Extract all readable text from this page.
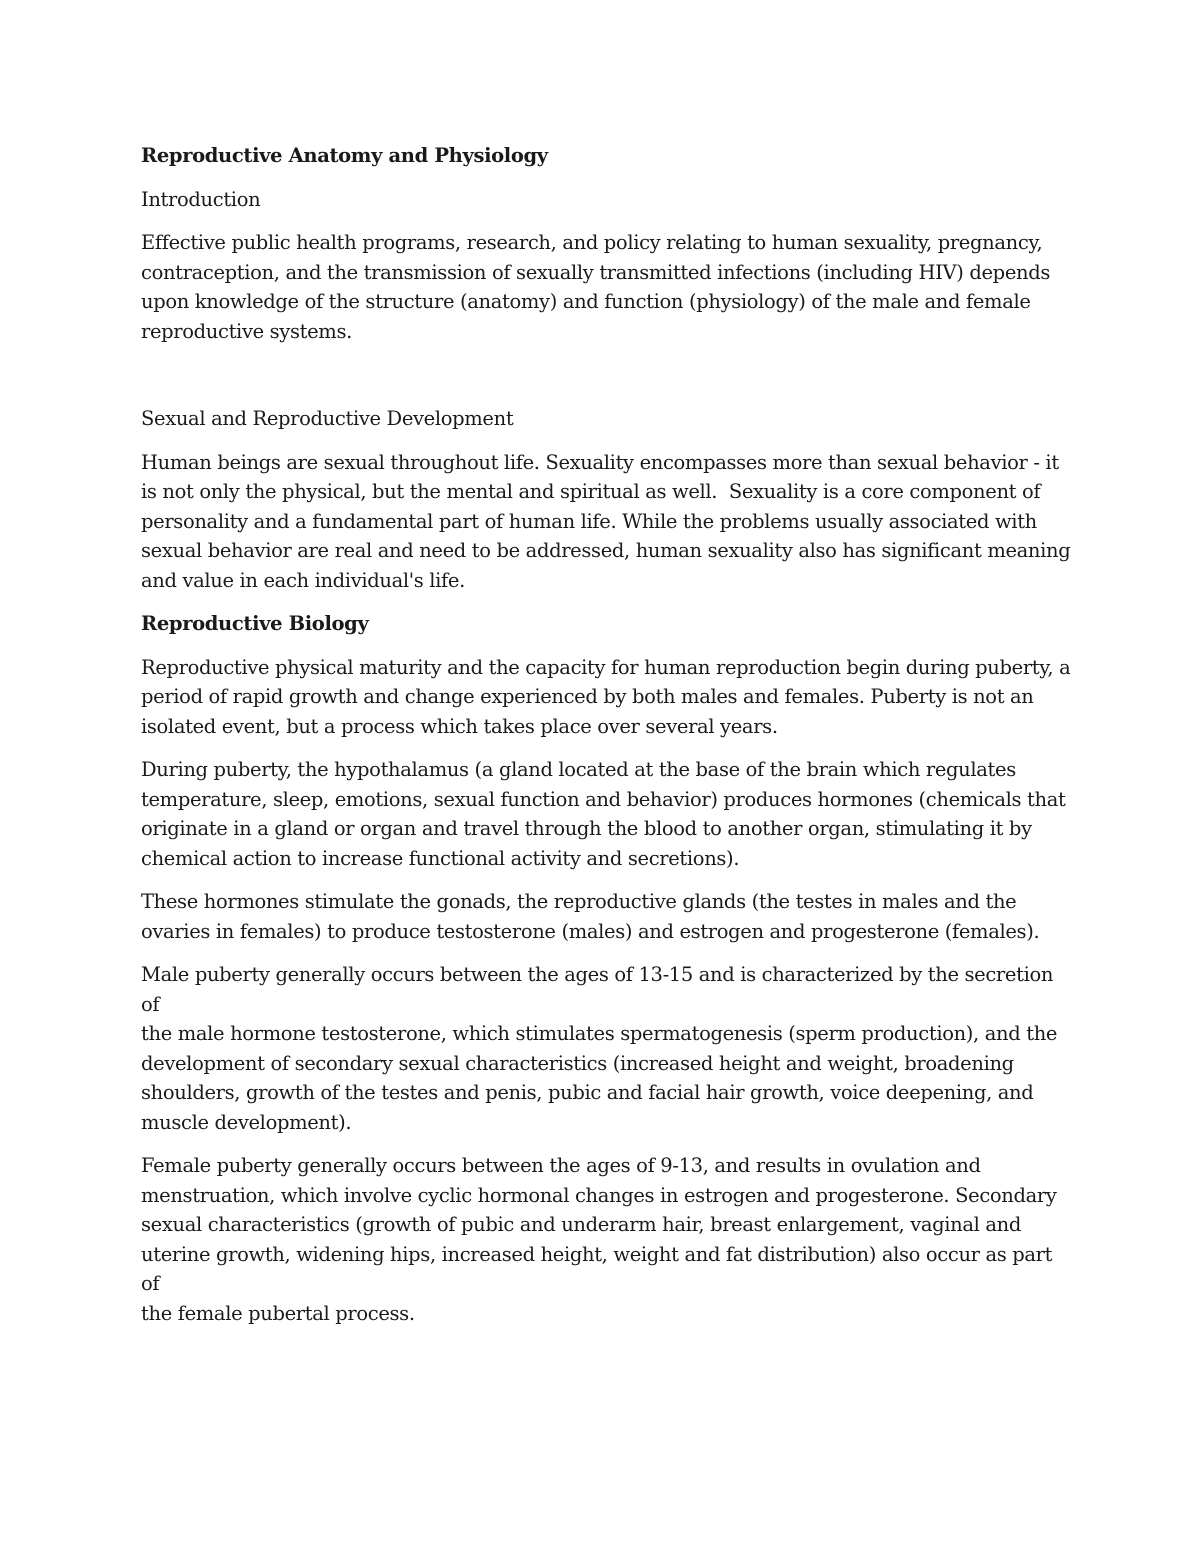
Reproductive Anatomy and Physiology

Introduction

Effective public health programs, research, and policy relating to human sexuality, pregnancy,

contraception, and the transmission of sexually transmitted infections (including HIV) depends

upon knowledge of the structure (anatomy) and function (physiology) of the male and female

reproductive systems.

Sexual and Reproductive Development

Human beings are sexual throughout life. Sexuality encompasses more than sexual behavior - it

is not only the physical, but the mental and spiritual as well.  Sexuality is a core component of

personality and a fundamental part of human life. While the problems usually associated with

sexual behavior are real and need to be addressed, human sexuality also has significant meaning

and value in each individual's life.

Reproductive Biology

Reproductive physical maturity and the capacity for human reproduction begin during puberty, a

period of rapid growth and change experienced by both males and females. Puberty is not an

isolated event, but a process which takes place over several years.

During puberty, the hypothalamus (a gland located at the base of the brain which regulates

temperature, sleep, emotions, sexual function and behavior) produces hormones (chemicals that

originate in a gland or organ and travel through the blood to another organ, stimulating it by

chemical action to increase functional activity and secretions).

These hormones stimulate the gonads, the reproductive glands (the testes in males and the

ovaries in females) to produce testosterone (males) and estrogen and progesterone (females).

Male puberty generally occurs between the ages of 13-15 and is characterized by the secretion of

the male hormone testosterone, which stimulates spermatogenesis (sperm production), and the

development of secondary sexual characteristics (increased height and weight, broadening

shoulders, growth of the testes and penis, pubic and facial hair growth, voice deepening, and

muscle development).

Female puberty generally occurs between the ages of 9-13, and results in ovulation and

menstruation, which involve cyclic hormonal changes in estrogen and progesterone. Secondary

sexual characteristics (growth of pubic and underarm hair, breast enlargement, vaginal and

uterine growth, widening hips, increased height, weight and fat distribution) also occur as part of

the female pubertal process.
